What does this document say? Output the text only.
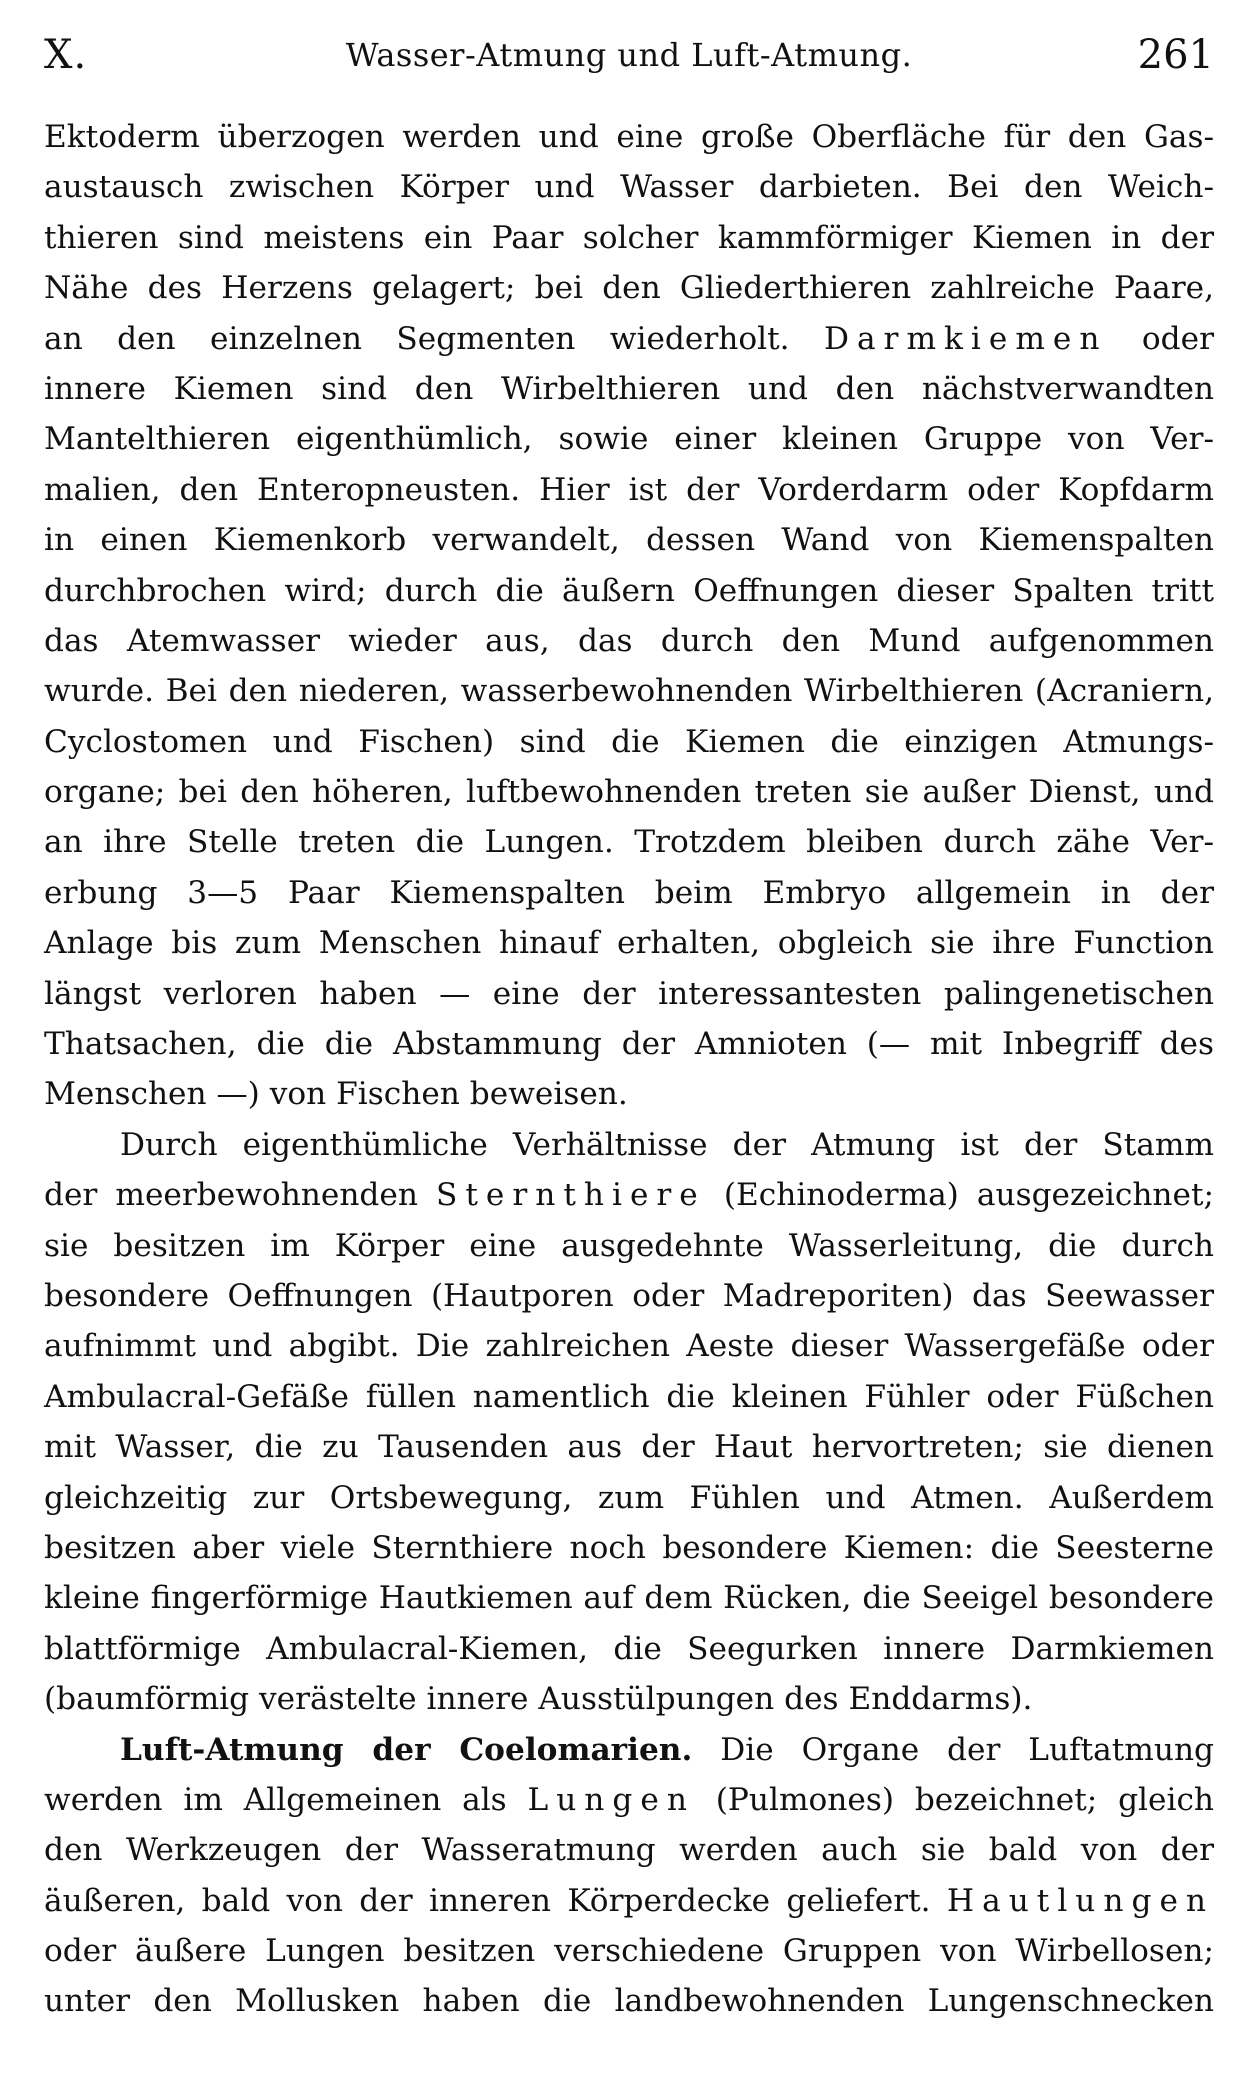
X.	Wasser-Atmung und Luft-Atmung.	261
Ektoderm überzogen werden und eine große Oberfläche für den Gas-
austausch zwischen Körper und Wasser darbieten. Bei den Weich-
thieren sind meistens ein Paar solcher kammförmiger Kiemen in der
Nähe des Herzens gelagert; bei den Gliederthieren zahlreiche Paare,
an den einzelnen Segmenten wiederholt. Darmkiemen oder
innere Kiemen sind den Wirbelthieren und den nächstverwandten
Mantelthieren eigenthümlich, sowie einer kleinen Gruppe von Ver-
malien, den Enteropneusten. Hier ist der Vorderdarm oder Kopfdarm
in einen Kiemenkorb verwandelt, dessen Wand von Kiemenspalten
durchbrochen wird; durch die äußern Oeffnungen dieser Spalten tritt
das Atemwasser wieder aus, das durch den Mund aufgenommen
wurde. Bei den niederen, wasserbewohnenden Wirbelthieren (Acraniern,
Cyclostomen und Fischen) sind die Kiemen die einzigen Atmungs-
organe; bei den höheren, luftbewohnenden treten sie außer Dienst, und
an ihre Stelle treten die Lungen. Trotzdem bleiben durch zähe Ver-
erbung 3—5 Paar Kiemenspalten beim Embryo allgemein in der
Anlage bis zum Menschen hinauf erhalten, obgleich sie ihre Function
längst verloren haben — eine der interessantesten palingenetischen
Thatsachen, die die Abstammung der Amnioten (— mit Inbegriff des
Menschen —) von Fischen beweisen.
Durch eigenthümliche Verhältnisse der Atmung ist der Stamm
der meerbewohnenden Sternthiere (Echinoderma) ausgezeichnet;
sie besitzen im Körper eine ausgedehnte Wasserleitung, die durch
besondere Oeffnungen (Hautporen oder Madreporiten) das Seewasser
aufnimmt und abgibt. Die zahlreichen Aeste dieser Wassergefäße oder
Ambulacral-Gefäße füllen namentlich die kleinen Fühler oder Füßchen
mit Wasser, die zu Tausenden aus der Haut hervortreten; sie dienen
gleichzeitig zur Ortsbewegung, zum Fühlen und Atmen. Außerdem
besitzen aber viele Sternthiere noch besondere Kiemen: die Seesterne
kleine fingerförmige Hautkiemen auf dem Rücken, die Seeigel besondere
blattförmige Ambulacral-Kiemen, die Seegurken innere Darmkiemen
(baumförmig verästelte innere Ausstülpungen des Enddarms).
Luft-Atmung der Coelomarien. Die Organe der Luftatmung
werden im Allgemeinen als Lungen (Pulmones) bezeichnet; gleich
den Werkzeugen der Wasseratmung werden auch sie bald von der
äußeren, bald von der inneren Körperdecke geliefert. Hautlungen
oder äußere Lungen besitzen verschiedene Gruppen von Wirbellosen;
unter den Mollusken haben die landbewohnenden Lungenschnecken
